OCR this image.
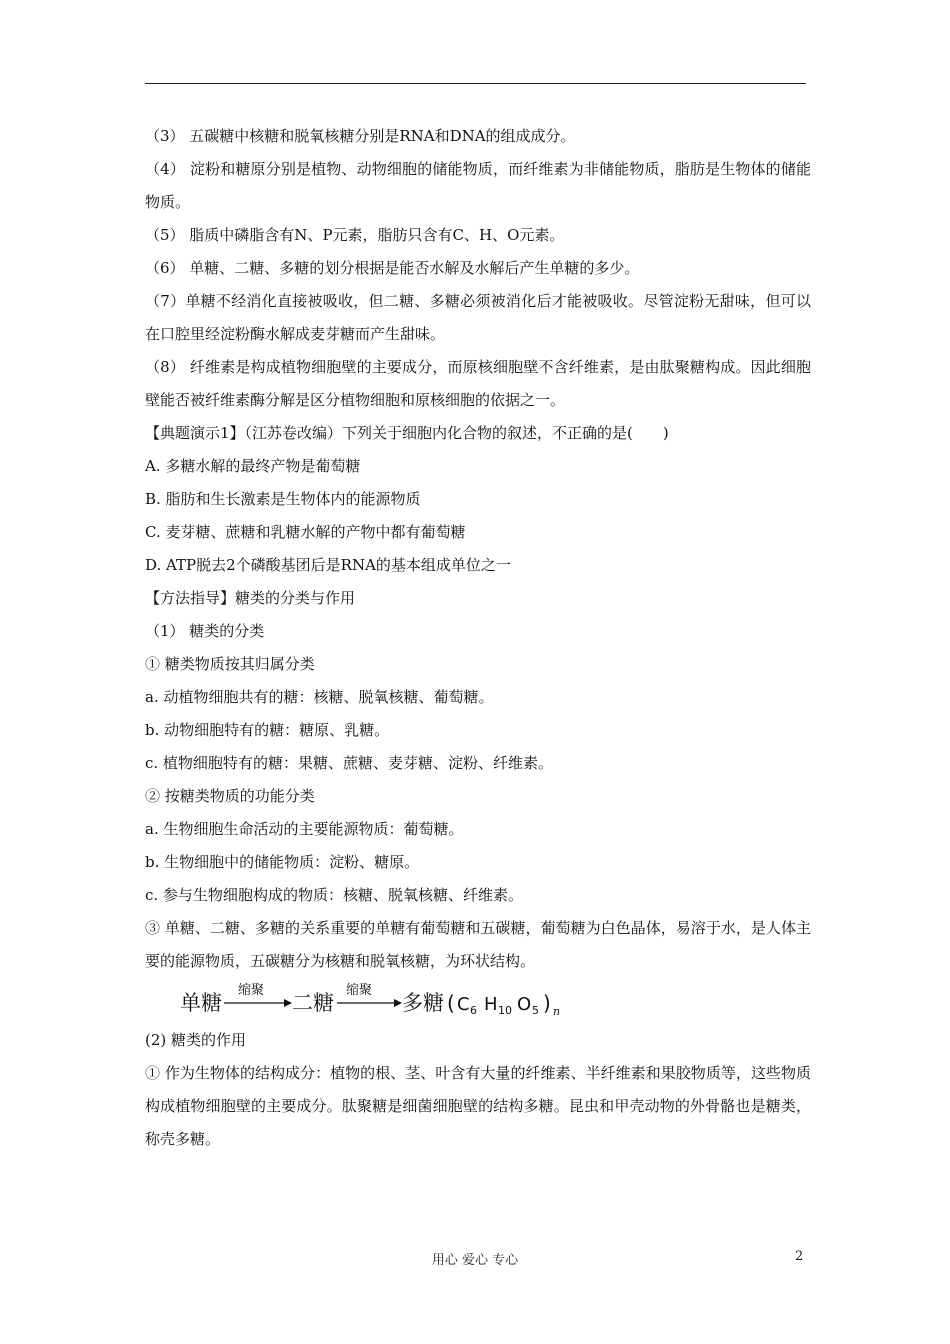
（3） 五碳糖中核糖和脱氧核糖分别是RNA和DNA的组成成分。

（4） 淀粉和糖原分别是植物、动物细胞的储能物质，而纤维素为非储能物质，脂肪是生物体的储能物质。

（5） 脂质中磷脂含有N、P元素，脂肪只含有C、H、O元素。

（6） 单糖、二糖、多糖的划分根据是能否水解及水解后产生单糖的多少。

（7）单糖不经消化直接被吸收，但二糖、多糖必须被消化后才能被吸收。尽管淀粉无甜味，但可以在口腔里经淀粉酶水解成麦芽糖而产生甜味。

（8） 纤维素是构成植物细胞壁的主要成分，而原核细胞壁不含纤维素，是由肽聚糖构成。因此细胞壁能否被纤维素酶分解是区分植物细胞和原核细胞的依据之一。

【典题演示1】（江苏卷改编）下列关于细胞内化合物的叙述，不正确的是(　　)

A. 多糖水解的最终产物是葡萄糖

B. 脂肪和生长激素是生物体内的能源物质

C. 麦芽糖、蔗糖和乳糖水解的产物中都有葡萄糖

D. ATP脱去2个磷酸基团后是RNA的基本组成单位之一

【方法指导】糖类的分类与作用

（1） 糖类的分类

① 糖类物质按其归属分类

a. 动植物细胞共有的糖：核糖、脱氧核糖、葡萄糖。

b. 动物细胞特有的糖：糖原、乳糖。

c. 植物细胞特有的糖：果糖、蔗糖、麦芽糖、淀粉、纤维素。

② 按糖类物质的功能分类

a. 生物细胞生命活动的主要能源物质：葡萄糖。

b. 生物细胞中的储能物质：淀粉、糖原。

c. 参与生物细胞构成的物质：核糖、脱氧核糖、纤维素。

③ 单糖、二糖、多糖的关系重要的单糖有葡萄糖和五碳糖，葡萄糖为白色晶体，易溶于水，是人体主要的能源物质，五碳糖分为核糖和脱氧核糖，为环状结构。

单糖
缩聚
二糖
缩聚
多糖 ( C 6 H 10 O 5 ) n

(2) 糖类的作用

① 作为生物体的结构成分：植物的根、茎、叶含有大量的纤维素、半纤维素和果胶物质等，这些物质构成植物细胞壁的主要成分。肽聚糖是细菌细胞壁的结构多糖。昆虫和甲壳动物的外骨骼也是糖类，称壳多糖。

用心 爱心 专心	2
